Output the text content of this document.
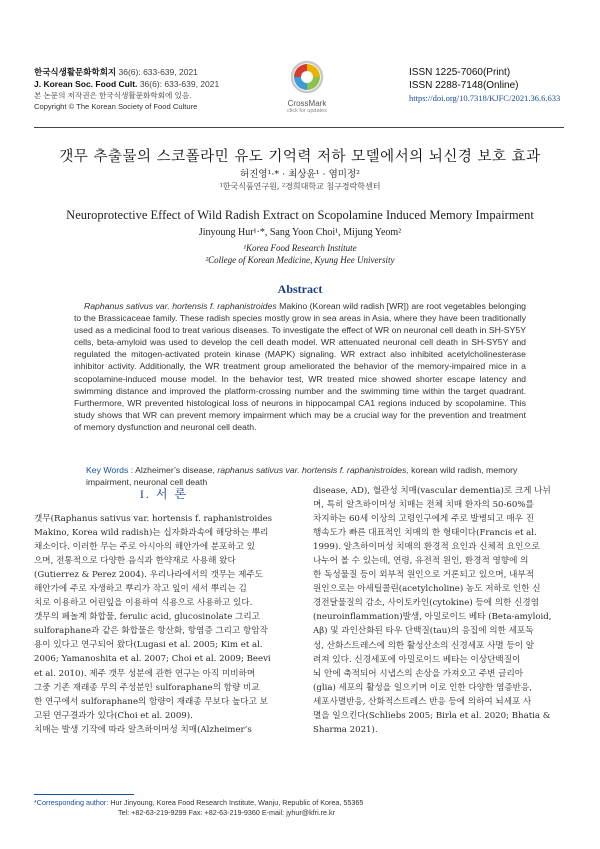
한국식생활문화학회지 36(6): 633-639, 2021
J. Korean Soc. Food Cult. 36(6): 633-639, 2021
본 논문의 저작권은 한국식생활문화학회에 있음.
Copyright © The Korean Society of Food Culture	CrossMark
click for updates
ISSN 1225-7060(Print)
ISSN 2288-7148(Online)
https://doi.org/10.7318/KJFC/2021.36.6.633
갯무 추출물의 스코폴라민 유도 기억력 저하 모델에서의 뇌신경 보호 효과
허진영¹·* · 최상윤¹ · 염미정²
¹한국식품연구원, ²경희대학교 침구경락학센터
Neuroprotective Effect of Wild Radish Extract on Scopolamine Induced Memory Impairment
Jinyoung Hur¹·*, Sang Yoon Choi¹, Mijung Yeom²
¹Korea Food Research Institute
²College of Korean Medicine, Kyung Hee University
Abstract
Raphanus sativus var. hortensis f. raphanistroides Makino (Korean wild radish [WR]) are root vegetables belonging to the Brassicaceae family. These radish species mostly grow in sea areas in Asia, where they have been traditionally used as a medicinal food to treat various diseases. To investigate the effect of WR on neuronal cell death in SH-SY5Y cells, beta-amyloid was used to develop the cell death model. WR attenuated neuronal cell death in SH-SY5Y and regulated the mitogen-activated protein kinase (MAPK) signaling. WR extract also inhibited acetylcholinesterase inhibitor activity. Additionally, the WR treatment group ameliorated the behavior of the memory-impaired mice in a scopolamine-induced mouse model. In the behavior test, WR treated mice showed shorter escape latency and swimming distance and improved the platform-crossing number and the swimming time within the target quadrant. Furthermore, WR prevented histological loss of neurons in hippocampal CA1 regions induced by scopolamine. This study shows that WR can prevent memory impairment which may be a crucial way for the prevention and treatment of memory dysfunction and neuronal cell death.
Key Words : Alzheimer’s disease, raphanus sativus var. hortensis f. raphanistroides, korean wild radish, memory impairment, neuronal cell death
I. 서 론

갯무(Raphanus sativus var. hortensis f. raphanistroides

Makino, Korea wild radish)는 십자화과속에 해당하는 뿌리

채소이다. 이러한 무는 주로 아시아의 해안가에 분포하고 있

으며, 전통적으로 다양한 음식과 한약재로 사용해 왔다

(Gutierrez & Perez 2004). 우리나라에서의 갯무는 제주도

해안가에 주로 자생하고 뿌리가 작고 잎이 세서 뿌리는 김

치로 이용하고 어린잎을 이용하여 식용으로 사용하고 있다.

갯무의 페놀계 화합물, ferulic acid, glucosinolate 그리고

sulforaphane과 같은 화합물은 항산화, 항염증 그리고 항암작

용이 있다고 연구되어 왔다(Lugasi et al. 2005; Kim et al.

2006; Yamanoshita et al. 2007; Choi et al. 2009; Beevi

et al. 2010). 제주 갯무 성분에 관한 연구는 아직 미비하며

그중 기존 재래종 무의 주성분인 sulforaphane의 함량 비교

한 연구에서 sulforaphane의 함량이 재래종 무보다 높다고 보

고된 연구결과가 있다(Choi et al. 2009).

치매는 발생 기작에 따라 알츠하이머성 치매(Alzheimer’s

disease, AD), 혈관성 치매(vascular dementia)로 크게 나뉘

며, 특히 알츠하이머성 치매는 전체 치매 환자의 50-60%를

차지하는 60세 이상의 고령인구에게 주로 발병되고 매우 진

행속도가 빠른 대표적인 치매의 한 형태이다(Francis et al.

1999). 알츠하이머성 치매의 환경적 요인과 신체적 요인으로

나누어 볼 수 있는데, 연령, 유전적 원인, 환경적 영향에 의

한 독성물질 등이 외부적 원인으로 거론되고 있으며, 내부적

원인으로는 아세틸콜린(acetylcholine) 농도 저하로 인한 신

경전달물질의 감소, 사이토카인(cytokine) 등에 의한 신경염

(neuroinflammation)발생, 아밀로이드 베타 (Beta-amyloid,

Aβ) 및 과인산화된 타우 단백질(tau)의 응집에 의한 세포독

성, 산화스트레스에 의한 활성산소의 신경세포 사멸 등이 알

려져 있다. 신경세포에 아밀로이드 베타는 이상단백질이

뇌 안에 축적되어 시냅스의 손상을 가져오고 주변 글리아

(glia) 세포의 활성을 일으키며 이로 인한 다양한 염증반응,

세포사멸반응, 산화적스트레스 반응 등에 의하여 뇌세포 사

멸을 일으킨다(Schliebs 2005; Birla et al. 2020; Bhatia &

Sharma 2021).

*Corresponding author: Hur Jinyoung, Korea Food Research Institute, Wanju, Republic of Korea, 55365
Tel: +82-63-219-9299 Fax: +82-63-219-9360 E-mail: jyhur@kfri.re.kr
